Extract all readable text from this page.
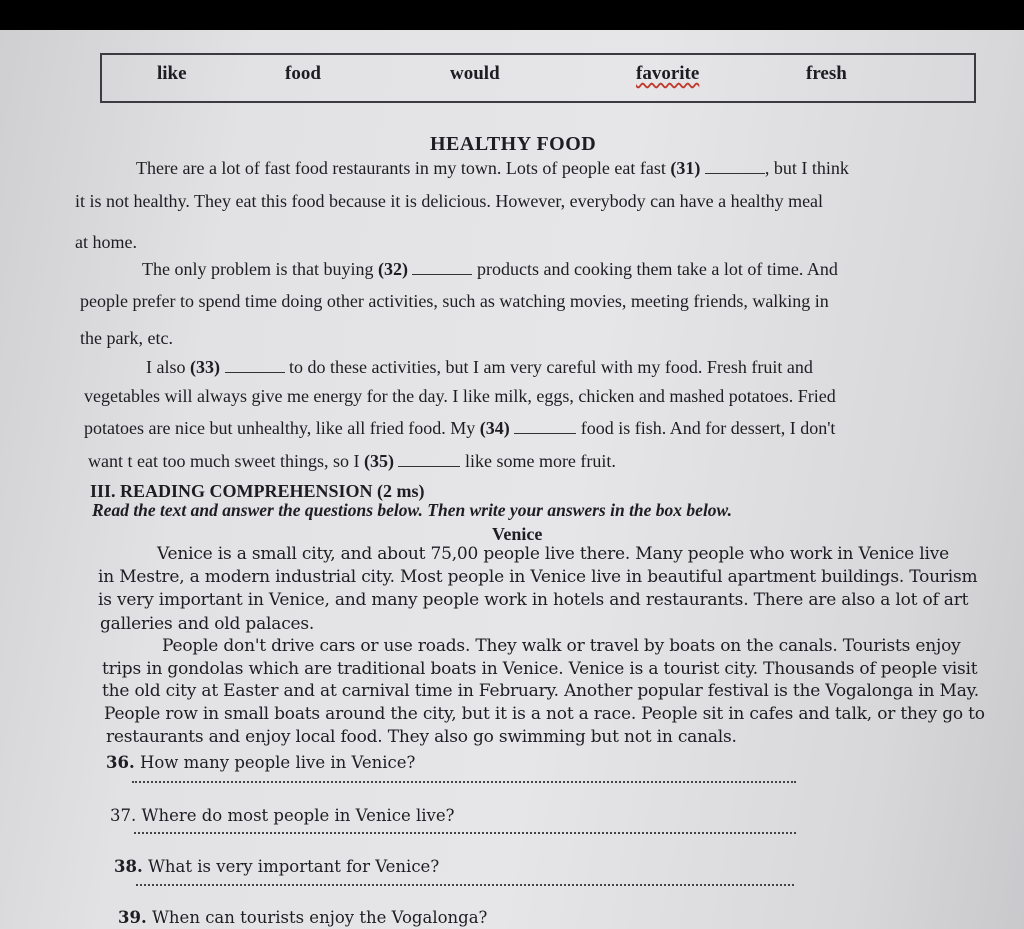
like	food	would	favorite	fresh
HEALTHY FOOD
There are a lot of fast food restaurants in my town. Lots of people eat fast (31)	, but I think
it is not healthy. They eat this food because it is delicious. However, everybody can have a healthy meal
at home.
The only problem is that buying (32)	products and cooking them take a lot of time. And
people prefer to spend time doing other activities, such as watching movies, meeting friends, walking in
the park, etc.
I also (33)	to do these activities, but I am very careful with my food. Fresh fruit and
vegetables will always give me energy for the day. I like milk, eggs, chicken and mashed potatoes. Fried
potatoes are nice but unhealthy, like all fried food. My (34)	food is fish. And for dessert, I don't
want t eat too much sweet things, so I (35)	like some more fruit.
III. READING COMPREHENSION (2 ms)
Read the text and answer the questions below. Then write your answers in the box below.
Venice
Venice is a small city, and about 75,00 people live there. Many people who work in Venice live
in Mestre, a modern industrial city. Most people in Venice live in beautiful apartment buildings. Tourism
is very important in Venice, and many people work in hotels and restaurants. There are also a lot of art
galleries and old palaces.
People don't drive cars or use roads. They walk or travel by boats on the canals. Tourists enjoy
trips in gondolas which are traditional boats in Venice. Venice is a tourist city. Thousands of people visit
the old city at Easter and at carnival time in February. Another popular festival is the Vogalonga in May.
People row in small boats around the city, but it is a not a race. People sit in cafes and talk, or they go to
restaurants and enjoy local food. They also go swimming but not in canals.
36. How many people live in Venice?
37. Where do most people in Venice live?
38. What is very important for Venice?
39. When can tourists enjoy the Vogalonga?
